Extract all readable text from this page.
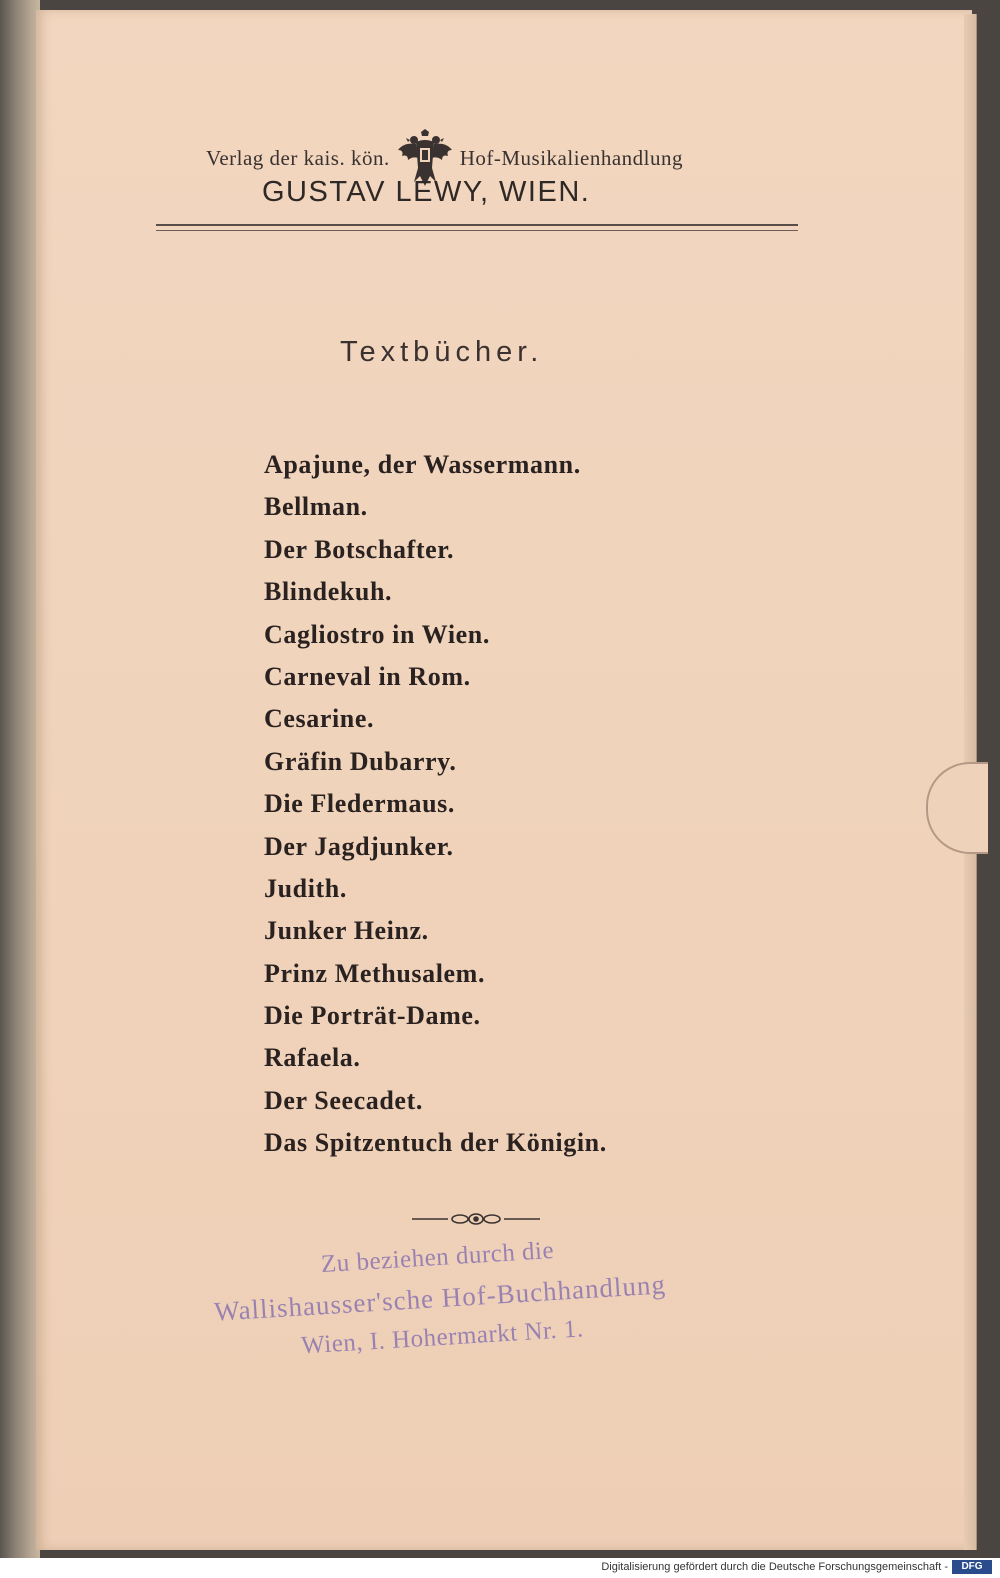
Verlag der kais. kön.	Hof-Musikalienhandlung
GUSTAV LEWY, WIEN.
Textbücher.
Apajune, der Wassermann.
Bellman.
Der Botschafter.
Blindekuh.
Cagliostro in Wien.
Carneval in Rom.
Cesarine.
Gräfin Dubarry.
Die Fledermaus.
Der Jagdjunker.
Judith.
Junker Heinz.
Prinz Methusalem.
Die Porträt-Dame.
Rafaela.
Der Seecadet.
Das Spitzentuch der Königin.
Zu beziehen durch die
Wallishausser'sche Hof-Buchhandlung
Wien, I. Hohermarkt Nr. 1.
Digitalisierung gefördert durch die Deutsche Forschungsgemeinschaft -	DFG
